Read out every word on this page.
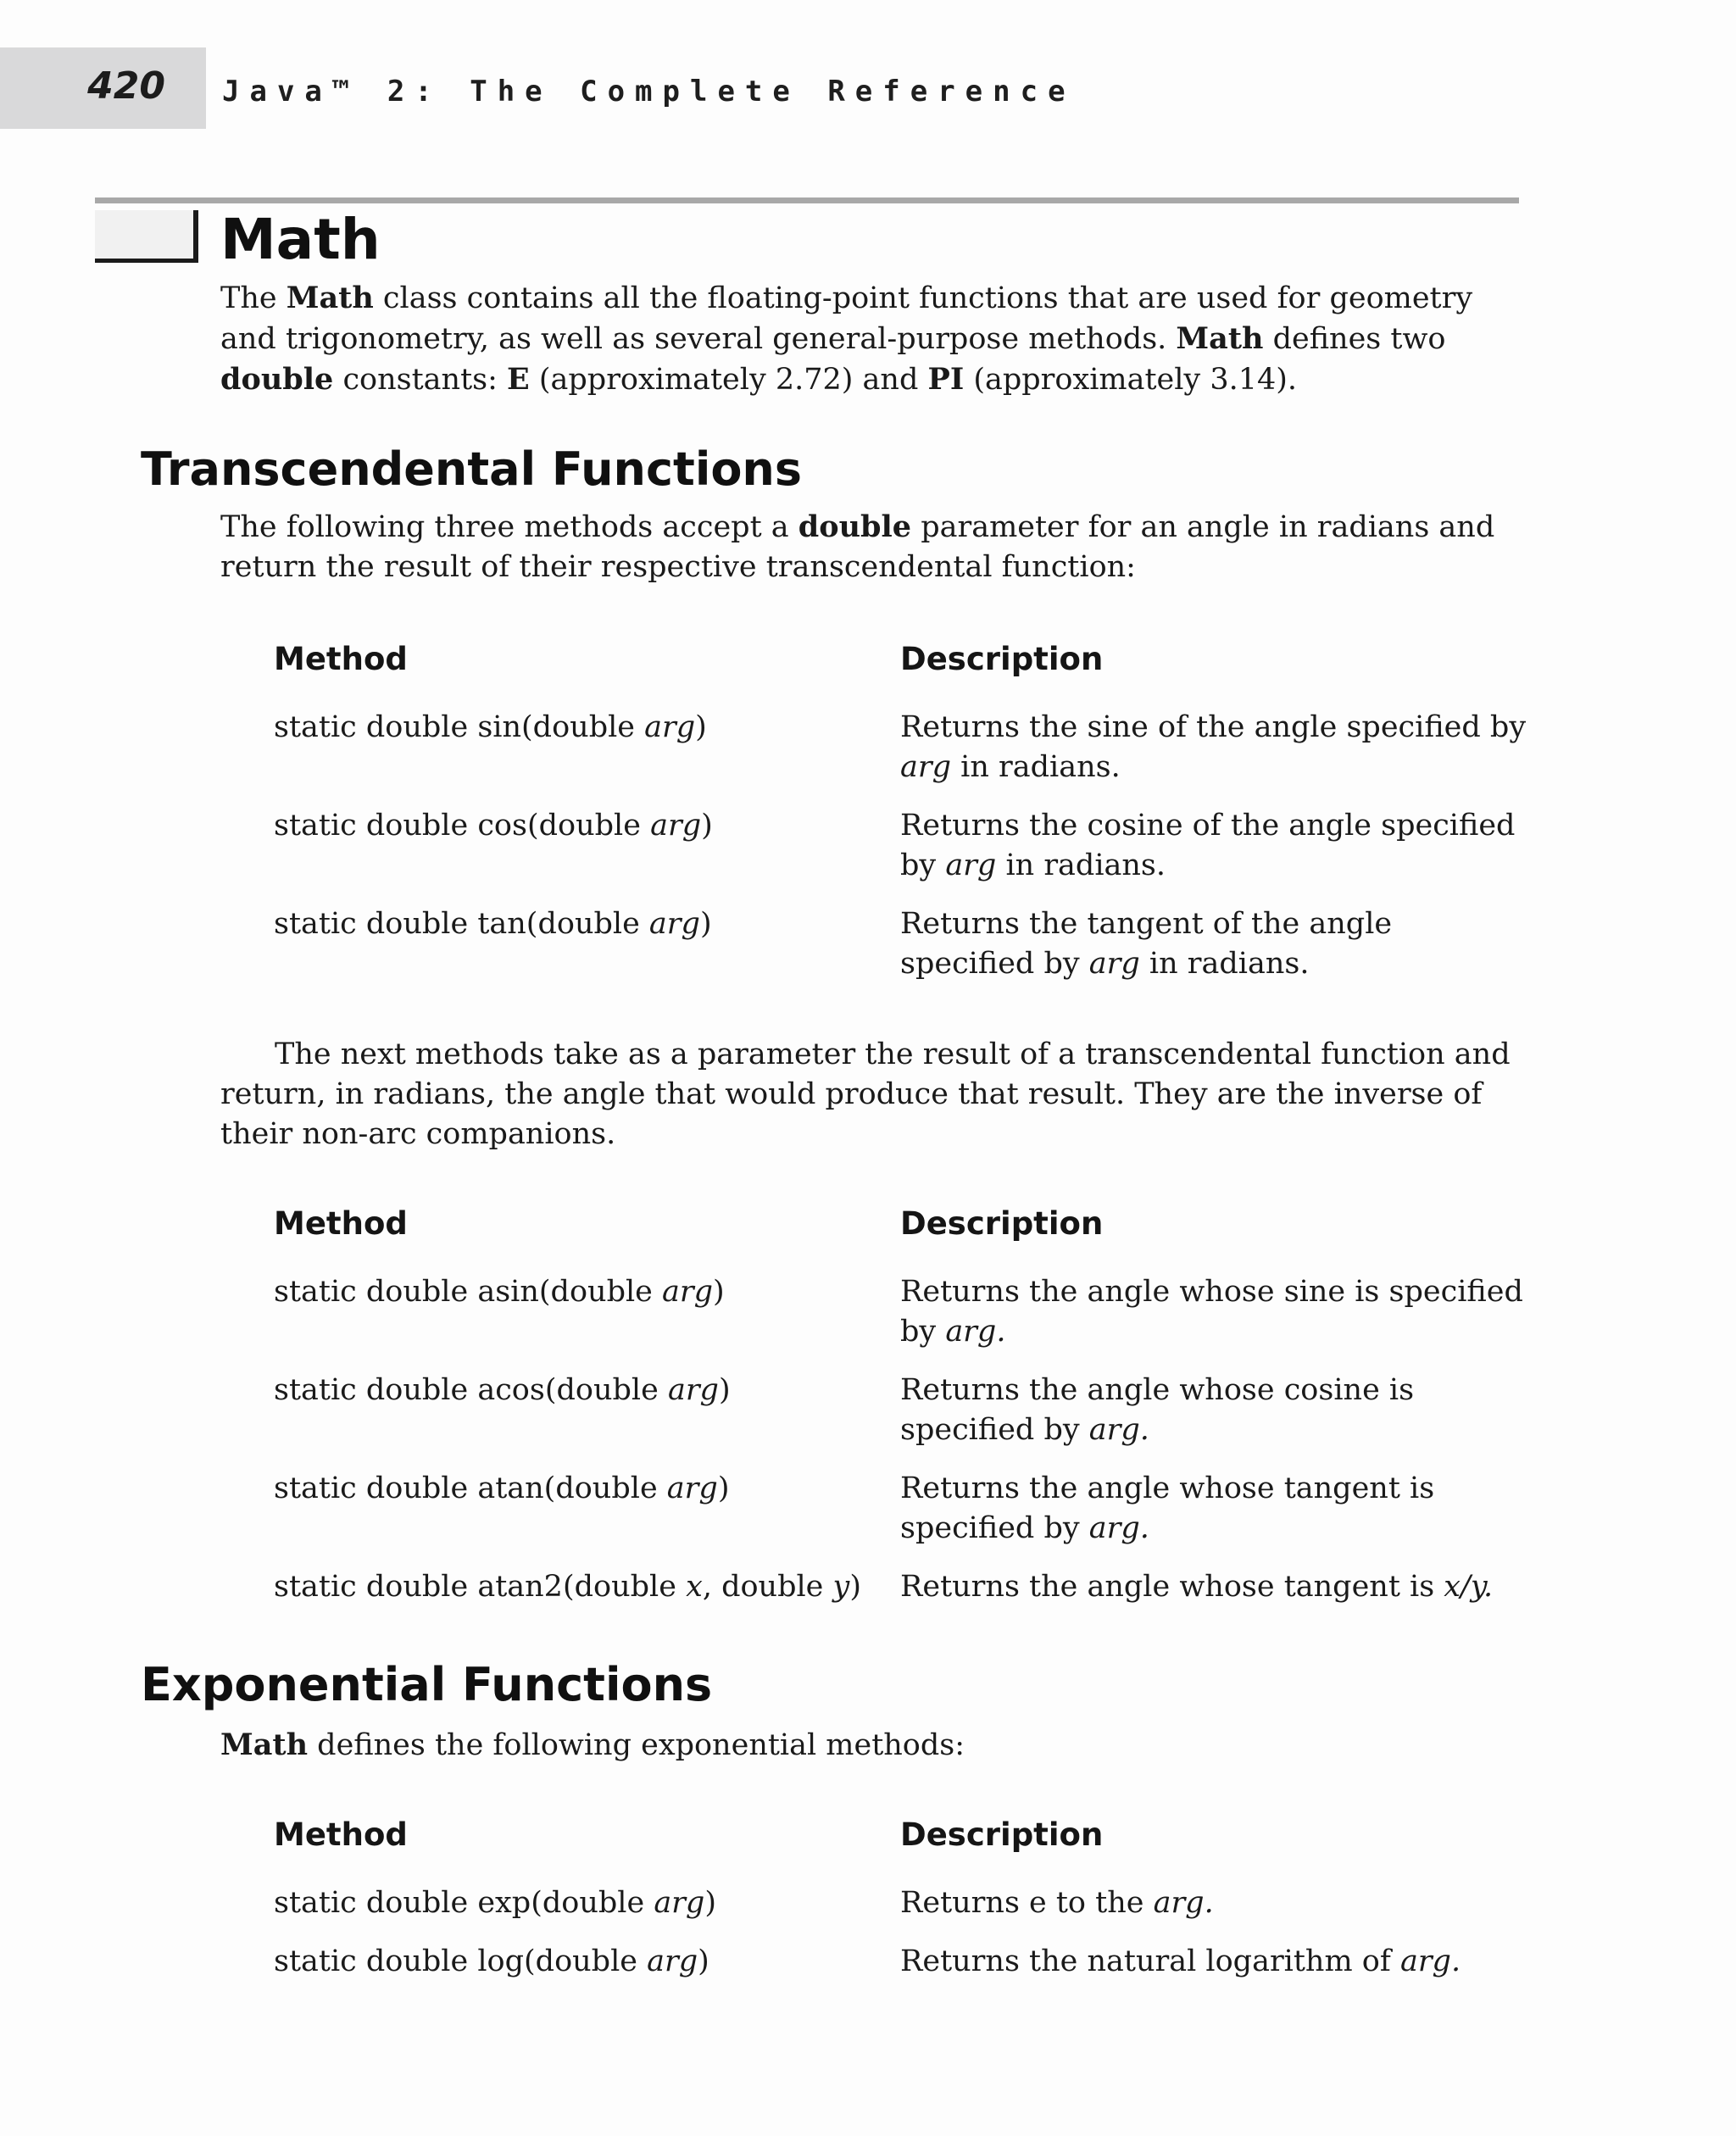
420 Java™ 2: The Complete Reference
Math

The Math class contains all the floating-point functions that are used for geometry and trigonometry, as well as several general-purpose methods. Math defines two double constants: E (approximately 2.72) and PI (approximately 3.14).

Transcendental Functions

The following three methods accept a double parameter for an angle in radians and return the result of their respective transcendental function:

Method	Description

static double sin(double arg)	Returns the sine of the angle specified by arg in radians.

static double cos(double arg)	Returns the cosine of the angle specified by arg in radians.

static double tan(double arg)	Returns the tangent of the angle specified by arg in radians.

The next methods take as a parameter the result of a transcendental function and return, in radians, the angle that would produce that result. They are the inverse of their non-arc companions.

Method	Description

static double asin(double arg)	Returns the angle whose sine is specified by arg.

static double acos(double arg)	Returns the angle whose cosine is specified by arg.

static double atan(double arg)	Returns the angle whose tangent is specified by arg.

static double atan2(double x, double y)	Returns the angle whose tangent is x/y.

Exponential Functions

Math defines the following exponential methods:

Method	Description

static double exp(double arg)	Returns e to the arg.

static double log(double arg)	Returns the natural logarithm of arg.
